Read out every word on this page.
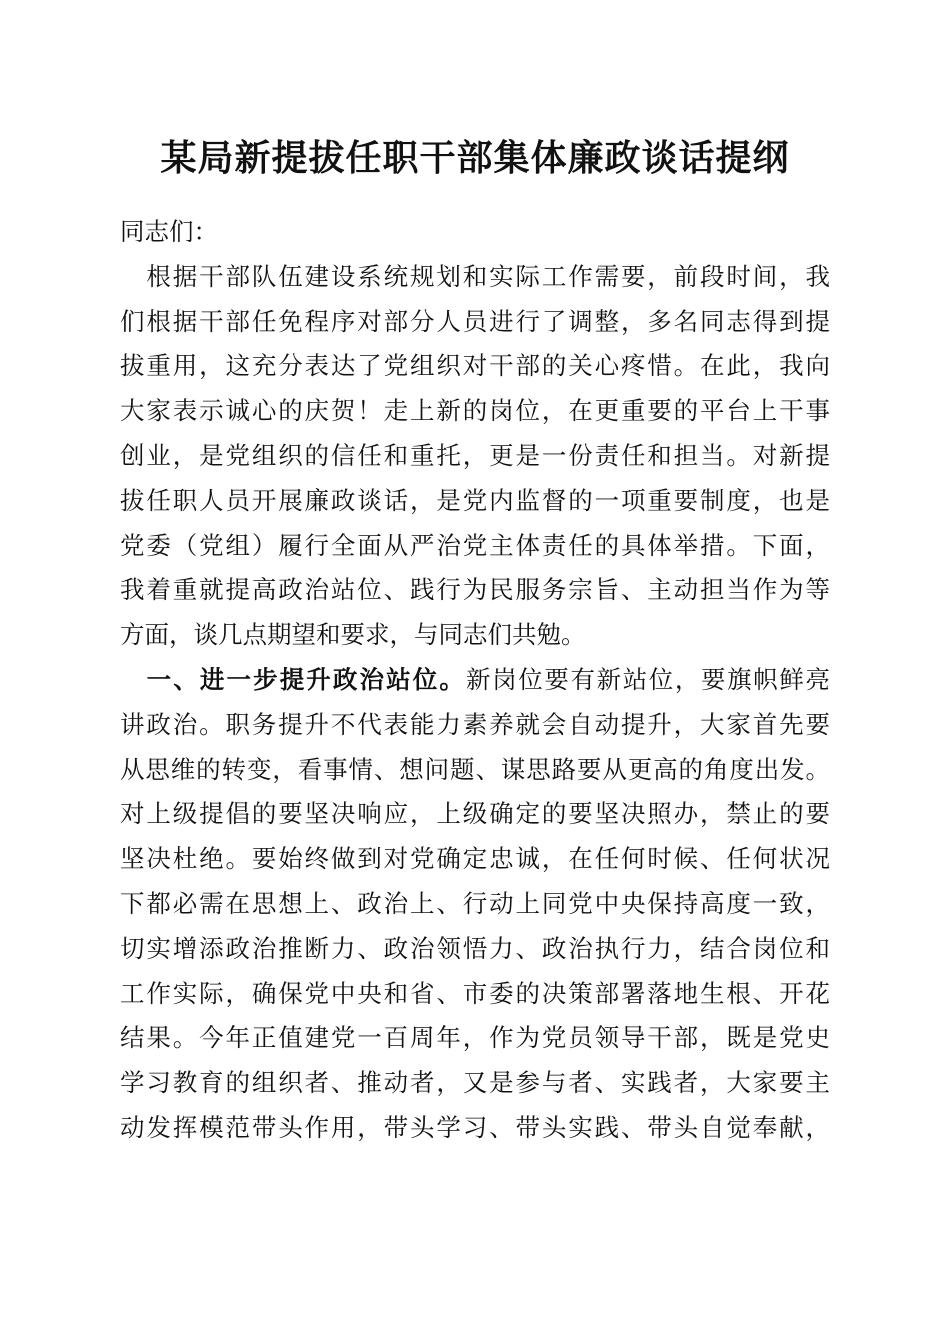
某局新提拔任职干部集体廉政谈话提纲

同志们：

　根据干部队伍建设系统规划和实际工作需要，前段时间，我
们根据干部任免程序对部分人员进行了调整，多名同志得到提
拔重用，这充分表达了党组织对干部的关心疼惜。在此，我向
大家表示诚心的庆贺！走上新的岗位，在更重要的平台上干事
创业，是党组织的信任和重托，更是一份责任和担当。对新提
拔任职人员开展廉政谈话，是党内监督的一项重要制度，也是
党委（党组）履行全面从严治党主体责任的具体举措。下面，
我着重就提高政治站位、践行为民服务宗旨、主动担当作为等
方面，谈几点期望和要求，与同志们共勉。

　一、进一步提升政治站位。新岗位要有新站位，要旗帜鲜亮
讲政治。职务提升不代表能力素养就会自动提升，大家首先要
从思维的转变，看事情、想问题、谋思路要从更高的角度出发。
对上级提倡的要坚决响应，上级确定的要坚决照办，禁止的要
坚决杜绝。要始终做到对党确定忠诚，在任何时候、任何状况
下都必需在思想上、政治上、行动上同党中央保持高度一致，
切实增添政治推断力、政治领悟力、政治执行力，结合岗位和
工作实际，确保党中央和省、市委的决策部署落地生根、开花
结果。今年正值建党一百周年，作为党员领导干部，既是党史
学习教育的组织者、推动者，又是参与者、实践者，大家要主
动发挥模范带头作用，带头学习、带头实践、带头自觉奉献，
